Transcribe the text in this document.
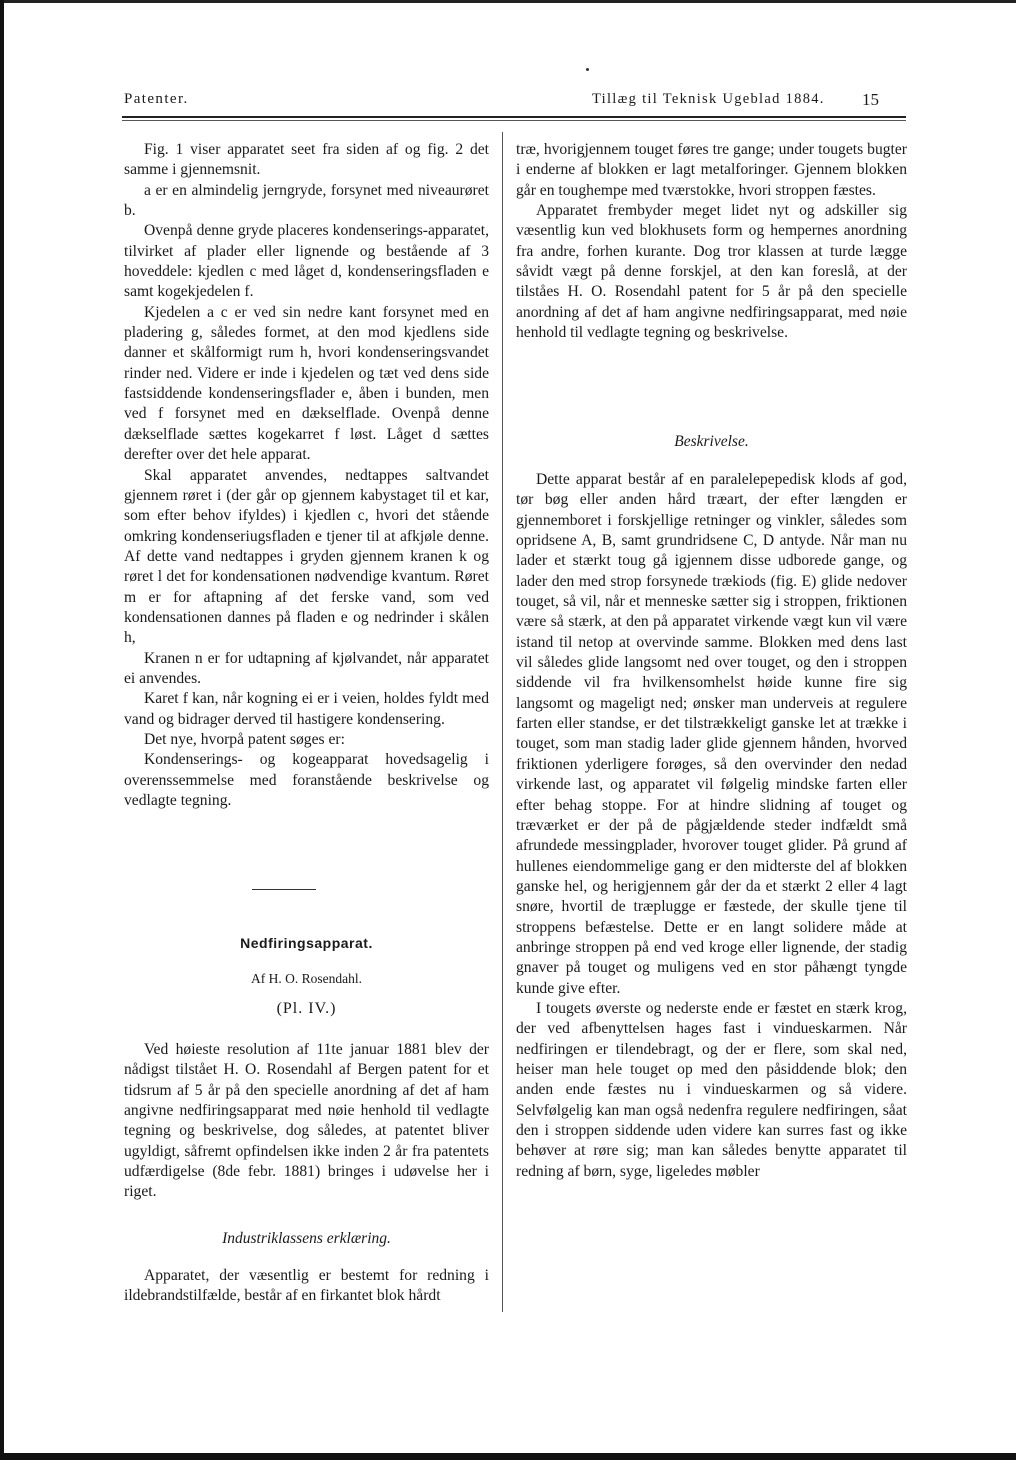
Patenter.	Tillæg til Teknisk Ugeblad 1884. 15

Fig. 1 viser apparatet seet fra siden af og fig. 2 det samme i gjennemsnit.

a er en almindelig jerngryde, forsynet med niveaurøret b.

Ovenpå denne gryde placeres kondenserings-apparatet, tilvirket af plader eller lignende og bestående af 3 hoveddele: kjedlen c med låget d, kondenseringsfladen e samt kogekjedelen f.

Kjedelen a c er ved sin nedre kant forsynet med en pladering g, således formet, at den mod kjedlens side danner et skålformigt rum h, hvori kondenseringsvandet rinder ned. Videre er inde i kjedelen og tæt ved dens side fastsiddende kondenseringsflader e, åben i bunden, men ved f forsynet med en dækselflade. Ovenpå denne dækselflade sættes kogekarret f løst. Låget d sættes derefter over det hele apparat.

Skal apparatet anvendes, nedtappes saltvandet gjennem røret i (der går op gjennem kabystaget til et kar, som efter behov ifyldes) i kjedlen c, hvori det stående omkring kondenseriugsfladen e tjener til at afkjøle denne. Af dette vand nedtappes i gryden gjennem kranen k og røret l det for kondensationen nødvendige kvantum. Røret m er for aftapning af det ferske vand, som ved kondensationen dannes på fladen e og nedrinder i skålen h,

Kranen n er for udtapning af kjølvandet, når apparatet ei anvendes.

Karet f kan, når kogning ei er i veien, holdes fyldt med vand og bidrager derved til hastigere kondensering.

Det nye, hvorpå patent søges er:

Kondenserings- og kogeapparat hovedsagelig i overenssemmelse med foranstående beskrivelse og vedlagte tegning.

Nedfiringsapparat.
Af H. O. Rosendahl.
(Pl. IV.)

Ved høieste resolution af 11te januar 1881 blev der nådigst tilstået H. O. Rosendahl af Bergen patent for et tidsrum af 5 år på den specielle anordning af det af ham angivne nedfiringsapparat med nøie henhold til vedlagte tegning og beskrivelse, dog således, at patentet bliver ugyldigt, såfremt opfindelsen ikke inden 2 år fra patentets udfærdigelse (8de febr. 1881) bringes i udøvelse her i riget.

Industriklassens erklæring.

Apparatet, der væsentlig er bestemt for redning i ildebrandstilfælde, består af en firkantet blok hårdt

træ, hvorigjennem touget føres tre gange; under tougets bugter i enderne af blokken er lagt metalforinger. Gjennem blokken går en toughempe med tværstokke, hvori stroppen fæstes.

Apparatet frembyder meget lidet nyt og adskiller sig væsentlig kun ved blokhusets form og hempernes anordning fra andre, forhen kurante. Dog tror klassen at turde lægge såvidt vægt på denne forskjel, at den kan foreslå, at der tilståes H. O. Rosendahl patent for 5 år på den specielle anordning af det af ham angivne nedfiringsapparat, med nøie henhold til vedlagte tegning og beskrivelse.

Beskrivelse.

Dette apparat består af en paralelepepedisk klods af god, tør bøg eller anden hård træart, der efter længden er gjennemboret i forskjellige retninger og vinkler, således som opridsene A, B, samt grundridsene C, D antyde. Når man nu lader et stærkt toug gå igjennem disse udborede gange, og lader den med strop forsynede trækiods (fig. E) glide nedover touget, så vil, når et menneske sætter sig i stroppen, friktionen være så stærk, at den på apparatet virkende vægt kun vil være istand til netop at overvinde samme. Blokken med dens last vil således glide langsomt ned over touget, og den i stroppen siddende vil fra hvilkensomhelst høide kunne fire sig langsomt og mageligt ned; ønsker man underveis at regulere farten eller standse, er det tilstrækkeligt ganske let at trække i touget, som man stadig lader glide gjennem hånden, hvorved friktionen yderligere forøges, så den overvinder den nedad virkende last, og apparatet vil følgelig mindske farten eller efter behag stoppe. For at hindre slidning af touget og træværket er der på de pågjældende steder indfældt små afrundede messingplader, hvorover touget glider. På grund af hullenes eiendommelige gang er den midterste del af blokken ganske hel, og herigjennem går der da et stærkt 2 eller 4 lagt snøre, hvortil de træplugge er fæstede, der skulle tjene til stroppens befæstelse. Dette er en langt solidere måde at anbringe stroppen på end ved kroge eller lignende, der stadig gnaver på touget og muligens ved en stor påhængt tyngde kunde give efter.

I tougets øverste og nederste ende er fæstet en stærk krog, der ved afbenyttelsen hages fast i vindueskarmen. Når nedfiringen er tilendebragt, og der er flere, som skal ned, heiser man hele touget op med den påsiddende blok; den anden ende fæstes nu i vindueskarmen og så videre. Selvfølgelig kan man også nedenfra regulere nedfiringen, såat den i stroppen siddende uden videre kan surres fast og ikke behøver at røre sig; man kan således benytte apparatet til redning af børn, syge, ligeledes møbler
